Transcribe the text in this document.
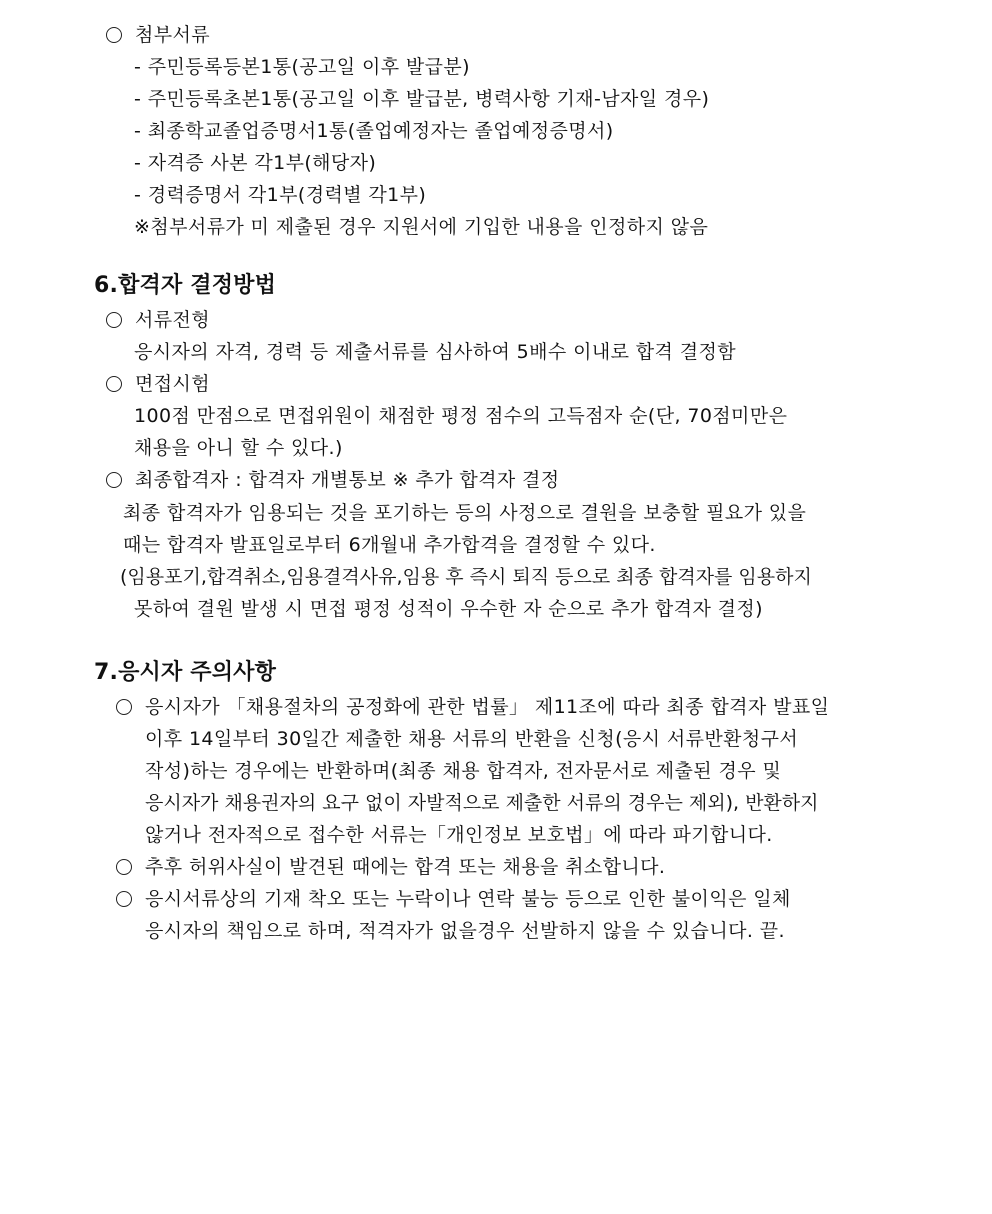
첨부서류
- 주민등록등본1통(공고일 이후 발급분)
- 주민등록초본1통(공고일 이후 발급분, 병력사항 기재-남자일 경우)
- 최종학교졸업증명서1통(졸업예정자는 졸업예정증명서)
- 자격증 사본 각1부(해당자)
- 경력증명서 각1부(경력별 각1부)
※첨부서류가 미 제출된 경우 지원서에 기입한 내용을 인정하지 않음
6.합격자 결정방법
서류전형
응시자의 자격, 경력 등 제출서류를 심사하여 5배수 이내로 합격 결정함
면접시험
100점 만점으로 면접위원이 채점한 평정 점수의 고득점자 순(단, 70점미만은
채용을 아니 할 수 있다.)
최종합격자 : 합격자 개별통보 ※ 추가 합격자 결정
최종 합격자가 임용되는 것을 포기하는 등의 사정으로 결원을 보충할 필요가 있을
때는 합격자 발표일로부터 6개월내 추가합격을 결정할 수 있다.
(임용포기,합격취소,임용결격사유,임용 후 즉시 퇴직 등으로 최종 합격자를 임용하지
못하여 결원 발생 시 면접 평정 성적이 우수한 자 순으로 추가 합격자 결정)
7.응시자 주의사항
응시자가 「채용절차의 공정화에 관한 법률」 제11조에 따라 최종 합격자 발표일
이후 14일부터 30일간 제출한 채용 서류의 반환을 신청(응시 서류반환청구서
작성)하는 경우에는 반환하며(최종 채용 합격자, 전자문서로 제출된 경우 및
응시자가 채용권자의 요구 없이 자발적으로 제출한 서류의 경우는 제외), 반환하지
않거나 전자적으로 접수한 서류는「개인정보 보호법」에 따라 파기합니다.
추후 허위사실이 발견된 때에는 합격 또는 채용을 취소합니다.
응시서류상의 기재 착오 또는 누락이나 연락 불능 등으로 인한 불이익은 일체
응시자의 책임으로 하며, 적격자가 없을경우 선발하지 않을 수 있습니다. 끝.
